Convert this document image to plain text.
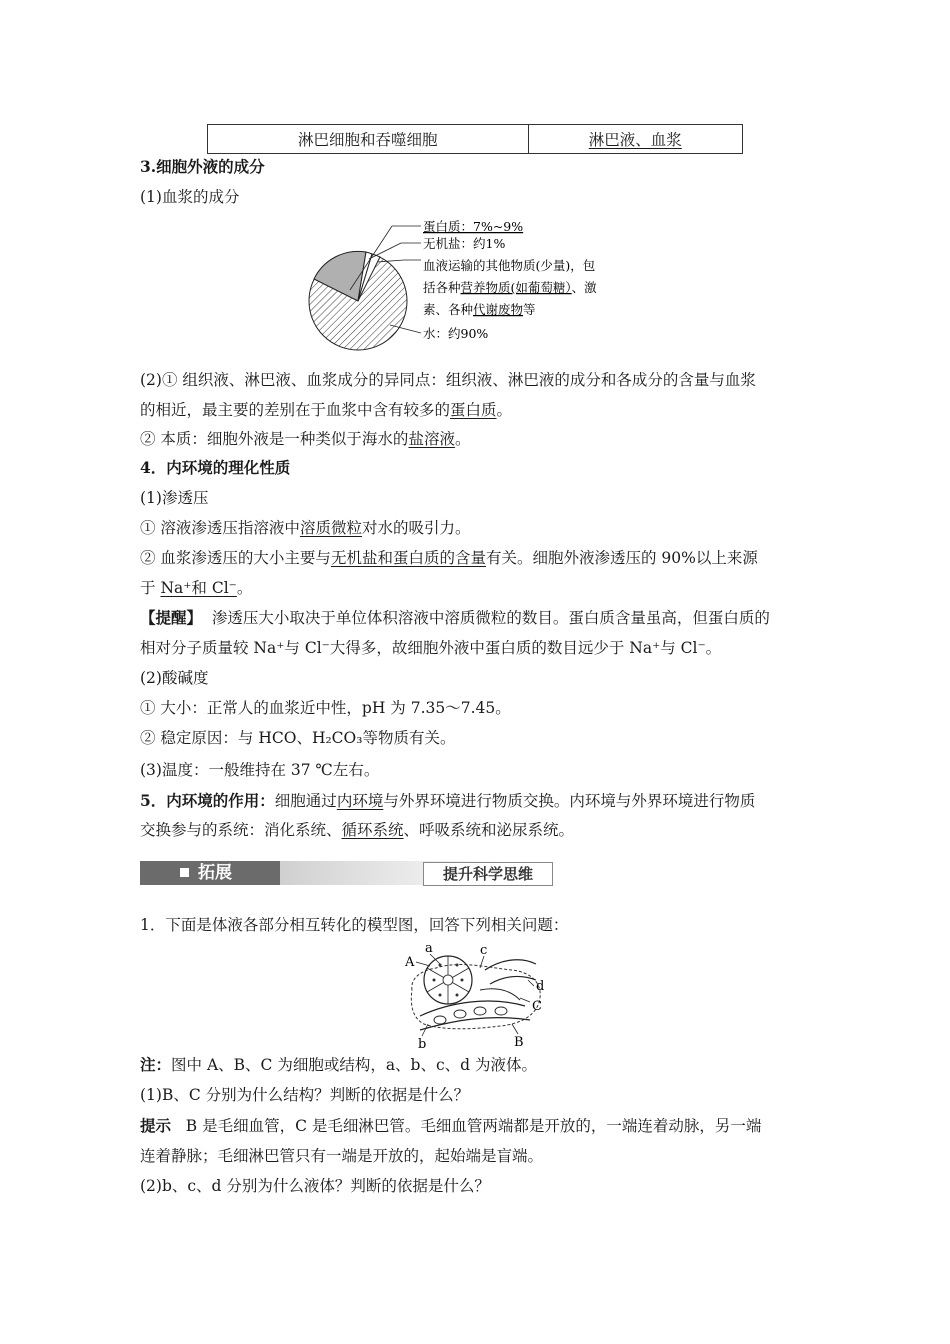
淋巴细胞和吞噬细胞	淋巴液、血浆
3.细胞外液的成分
(1)血浆的成分
蛋白质：7%~9%
无机盐：约1%
血液运输的其他物质(少量)，包
括各种营养物质(如葡萄糖）、激
素、各种代谢废物等
水：约90%
(2)① 组织液、淋巴液、血浆成分的异同点：组织液、淋巴液的成分和各成分的含量与血浆
的相近，最主要的差别在于血浆中含有较多的蛋白质。
② 本质：细胞外液是一种类似于海水的盐溶液。
4．内环境的理化性质
(1)渗透压
① 溶液渗透压指溶液中溶质微粒对水的吸引力。
② 血浆渗透压的大小主要与无机盐和蛋白质的含量有关。细胞外液渗透压的 90%以上来源
于 Na⁺和 Cl⁻。
【提醒】 渗透压大小取决于单位体积溶液中溶质微粒的数目。蛋白质含量虽高，但蛋白质的
相对分子质量较 Na⁺与 Cl⁻大得多，故细胞外液中蛋白质的数目远少于 Na⁺与 Cl⁻。
(2)酸碱度
① 大小：正常人的血浆近中性，pH 为 7.35～7.45。
② 稳定原因：与 HCO、H₂CO₃等物质有关。
(3)温度：一般维持在 37 ℃左右。
5．内环境的作用：细胞通过内环境与外界环境进行物质交换。内环境与外界环境进行物质
交换参与的系统：消化系统、循环系统、呼吸系统和泌尿系统。
拓展	提升科学思维
1．下面是体液各部分相互转化的模型图，回答下列相关问题：
A
a	c
d
C
b	B
注：图中 A、B、C 为细胞或结构，a、b、c、d 为液体。
(1)B、C 分别为什么结构？判断的依据是什么？
提示 B 是毛细血管，C 是毛细淋巴管。毛细血管两端都是开放的，一端连着动脉，另一端
连着静脉；毛细淋巴管只有一端是开放的，起始端是盲端。
(2)b、c、d 分别为什么液体？判断的依据是什么？
